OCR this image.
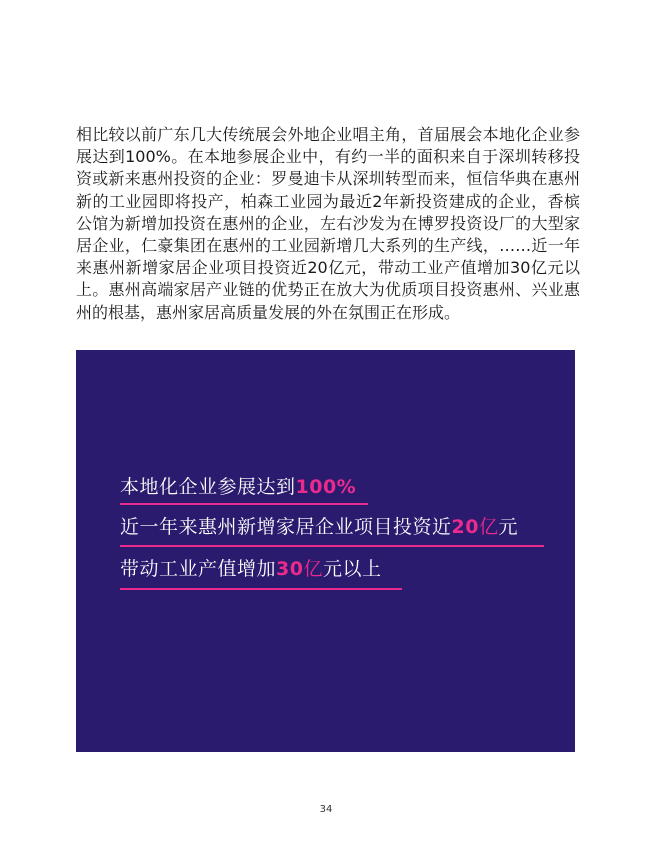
相比较以前广东几大传统展会外地企业唱主角，首届展会本地化企业参展达到100%。在本地参展企业中，有约一半的面积来自于深圳转移投资或新来惠州投资的企业：罗曼迪卡从深圳转型而来，恒信华典在惠州新的工业园即将投产，柏森工业园为最近2年新投资建成的企业，香槟公馆为新增加投资在惠州的企业，左右沙发为在博罗投资设厂的大型家居企业，仁豪集团在惠州的工业园新增几大系列的生产线，……近一年来惠州新增家居企业项目投资近20亿元，带动工业产值增加30亿元以上。惠州高端家居产业链的优势正在放大为优质项目投资惠州、兴业惠州的根基，惠州家居高质量发展的外在氛围正在形成。

本地化企业参展达到100%

近一年来惠州新增家居企业项目投资近20亿元

带动工业产值增加30亿元以上

34
